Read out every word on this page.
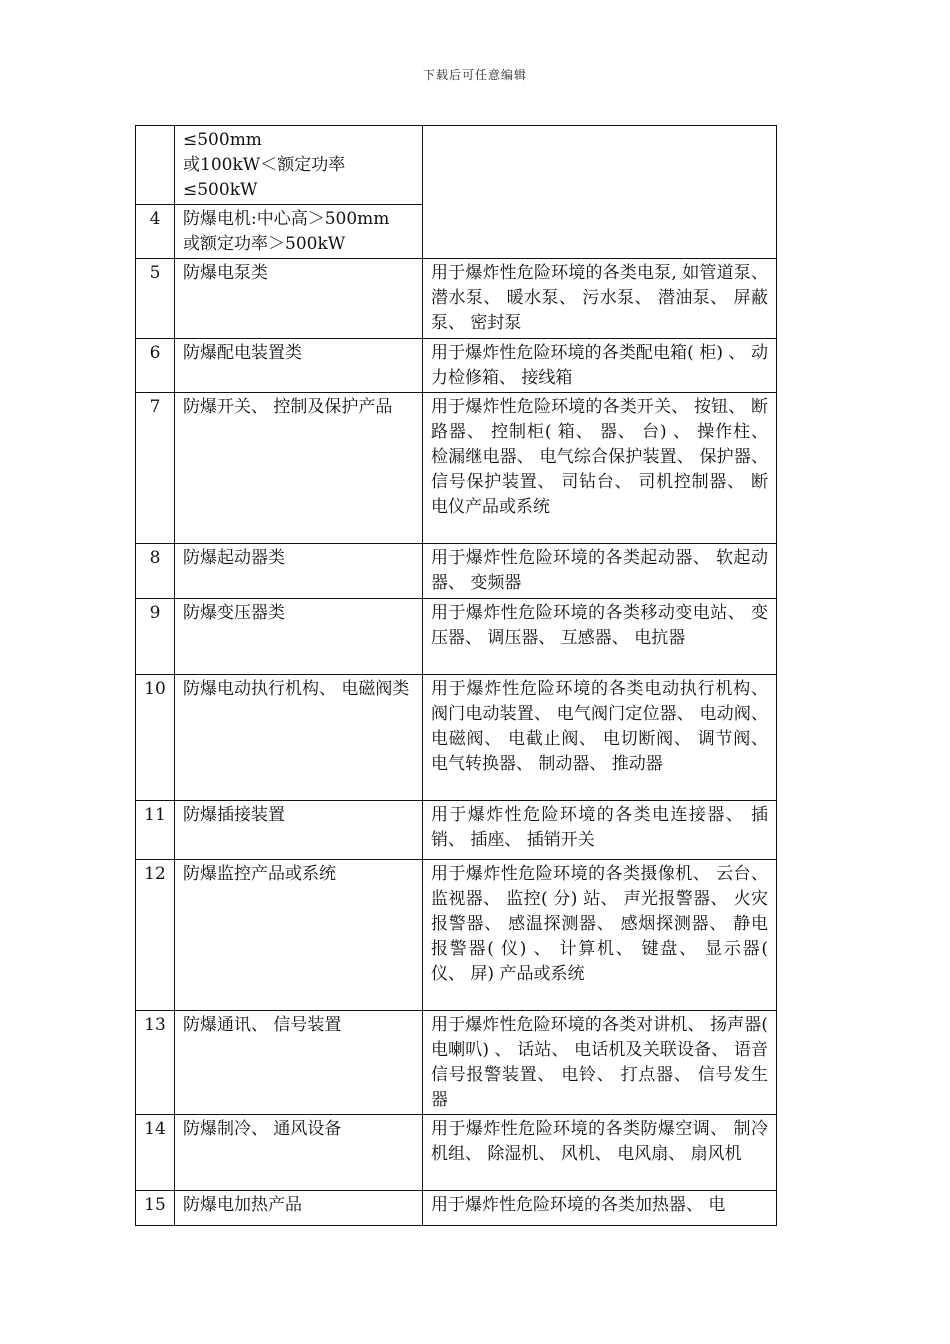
下载后可任意编辑
	≤500mm
或100kW＜额定功率
≤500kW	
4	防爆电机:中心高＞500mm
或额定功率＞500kW	
5	防爆电泵类	用于爆炸性危险环境的各类电泵, 如管道泵、 潜水泵、 暖水泵、 污水泵、 潜油泵、 屏蔽泵、 密封泵
6	防爆配电装置类	用于爆炸性危险环境的各类配电箱( 柜) 、 动力检修箱、 接线箱
7	防爆开关、 控制及保护产品	用于爆炸性危险环境的各类开关、 按钮、 断路器、 控制柜( 箱、 器、 台) 、 操作柱、 检漏继电器、 电气综合保护装置、 保护器、 信号保护装置、 司钻台、 司机控制器、 断电仪产品或系统
8	防爆起动器类	用于爆炸性危险环境的各类起动器、 软起动器、 变频器
9	防爆变压器类	用于爆炸性危险环境的各类移动变电站、 变压器、 调压器、 互感器、 电抗器
10	防爆电动执行机构、 电磁阀类	用于爆炸性危险环境的各类电动执行机构、 阀门电动装置、 电气阀门定位器、 电动阀、 电磁阀、 电截止阀、 电切断阀、 调节阀、 电气转换器、 制动器、 推动器
11	防爆插接装置	用于爆炸性危险环境的各类电连接器、 插销、 插座、 插销开关
12	防爆监控产品或系统	用于爆炸性危险环境的各类摄像机、 云台、 监视器、 监控( 分) 站、 声光报警器、 火灾报警器、 感温探测器、 感烟探测器、 静电报警器( 仪) 、 计算机、 键盘、 显示器( 仪、 屏) 产品或系统
13	防爆通讯、 信号装置	用于爆炸性危险环境的各类对讲机、 扬声器( 电喇叭) 、 话站、 电话机及关联设备、 语音信号报警装置、 电铃、 打点器、 信号发生器
14	防爆制冷、 通风设备	用于爆炸性危险环境的各类防爆空调、 制冷机组、 除湿机、 风机、 电风扇、 扇风机
15	防爆电加热产品	用于爆炸性危险环境的各类加热器、 电
